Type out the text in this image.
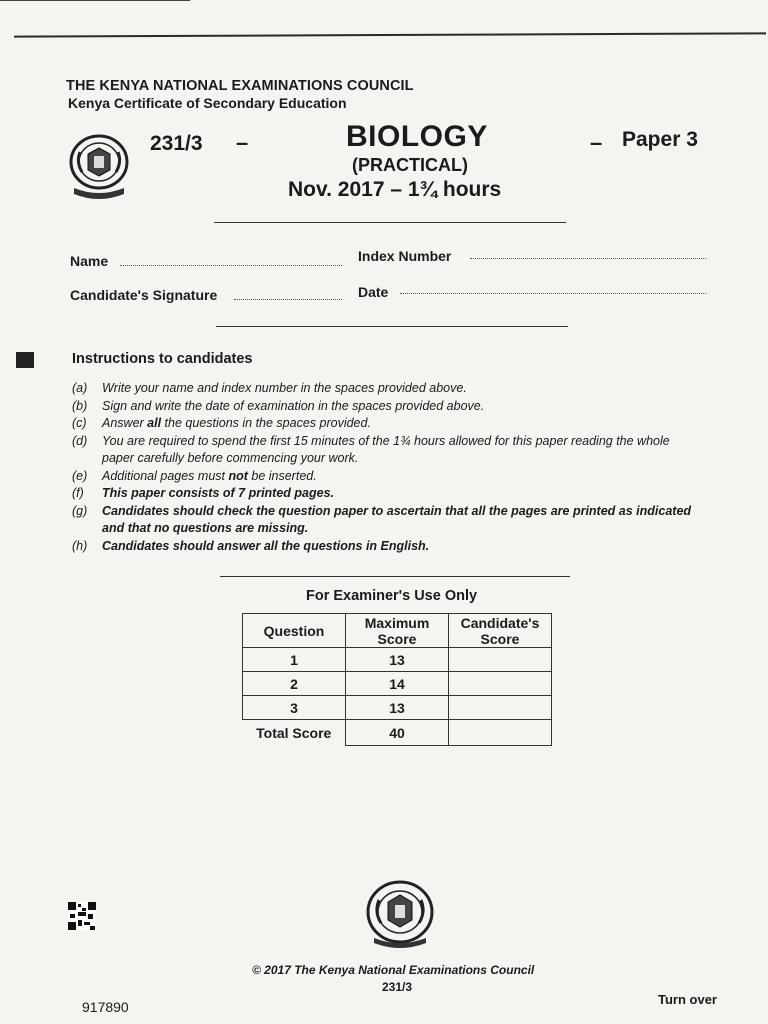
THE KENYA NATIONAL EXAMINATIONS COUNCIL
Kenya Certificate of Secondary Education
231/3 –	BIOLOGY
(PRACTICAL)
Nov. 2017 – 1¾ hours
– Paper 3
Name	Index Number
Candidate's Signature	Date
Instructions to candidates
(a)	Write your name and index number in the spaces provided above.
(b)	Sign and write the date of examination in the spaces provided above.
(c)	Answer all the questions in the spaces provided.
(d)	You are required to spend the first 15 minutes of the 1¾ hours allowed for this paper reading the whole paper carefully before commencing your work.
(e)	Additional pages must not be inserted.
(f)	This paper consists of 7 printed pages.
(g)	Candidates should check the question paper to ascertain that all the pages are printed as indicated and that no questions are missing.
(h)	Candidates should answer all the questions in English.
For Examiner's Use Only
Question	Maximum Score	Candidate's Score
1	13	
2	14	
3	13	
Total Score	40	
© 2017 The Kenya National Examinations Council
231/3
917890	Turn over
